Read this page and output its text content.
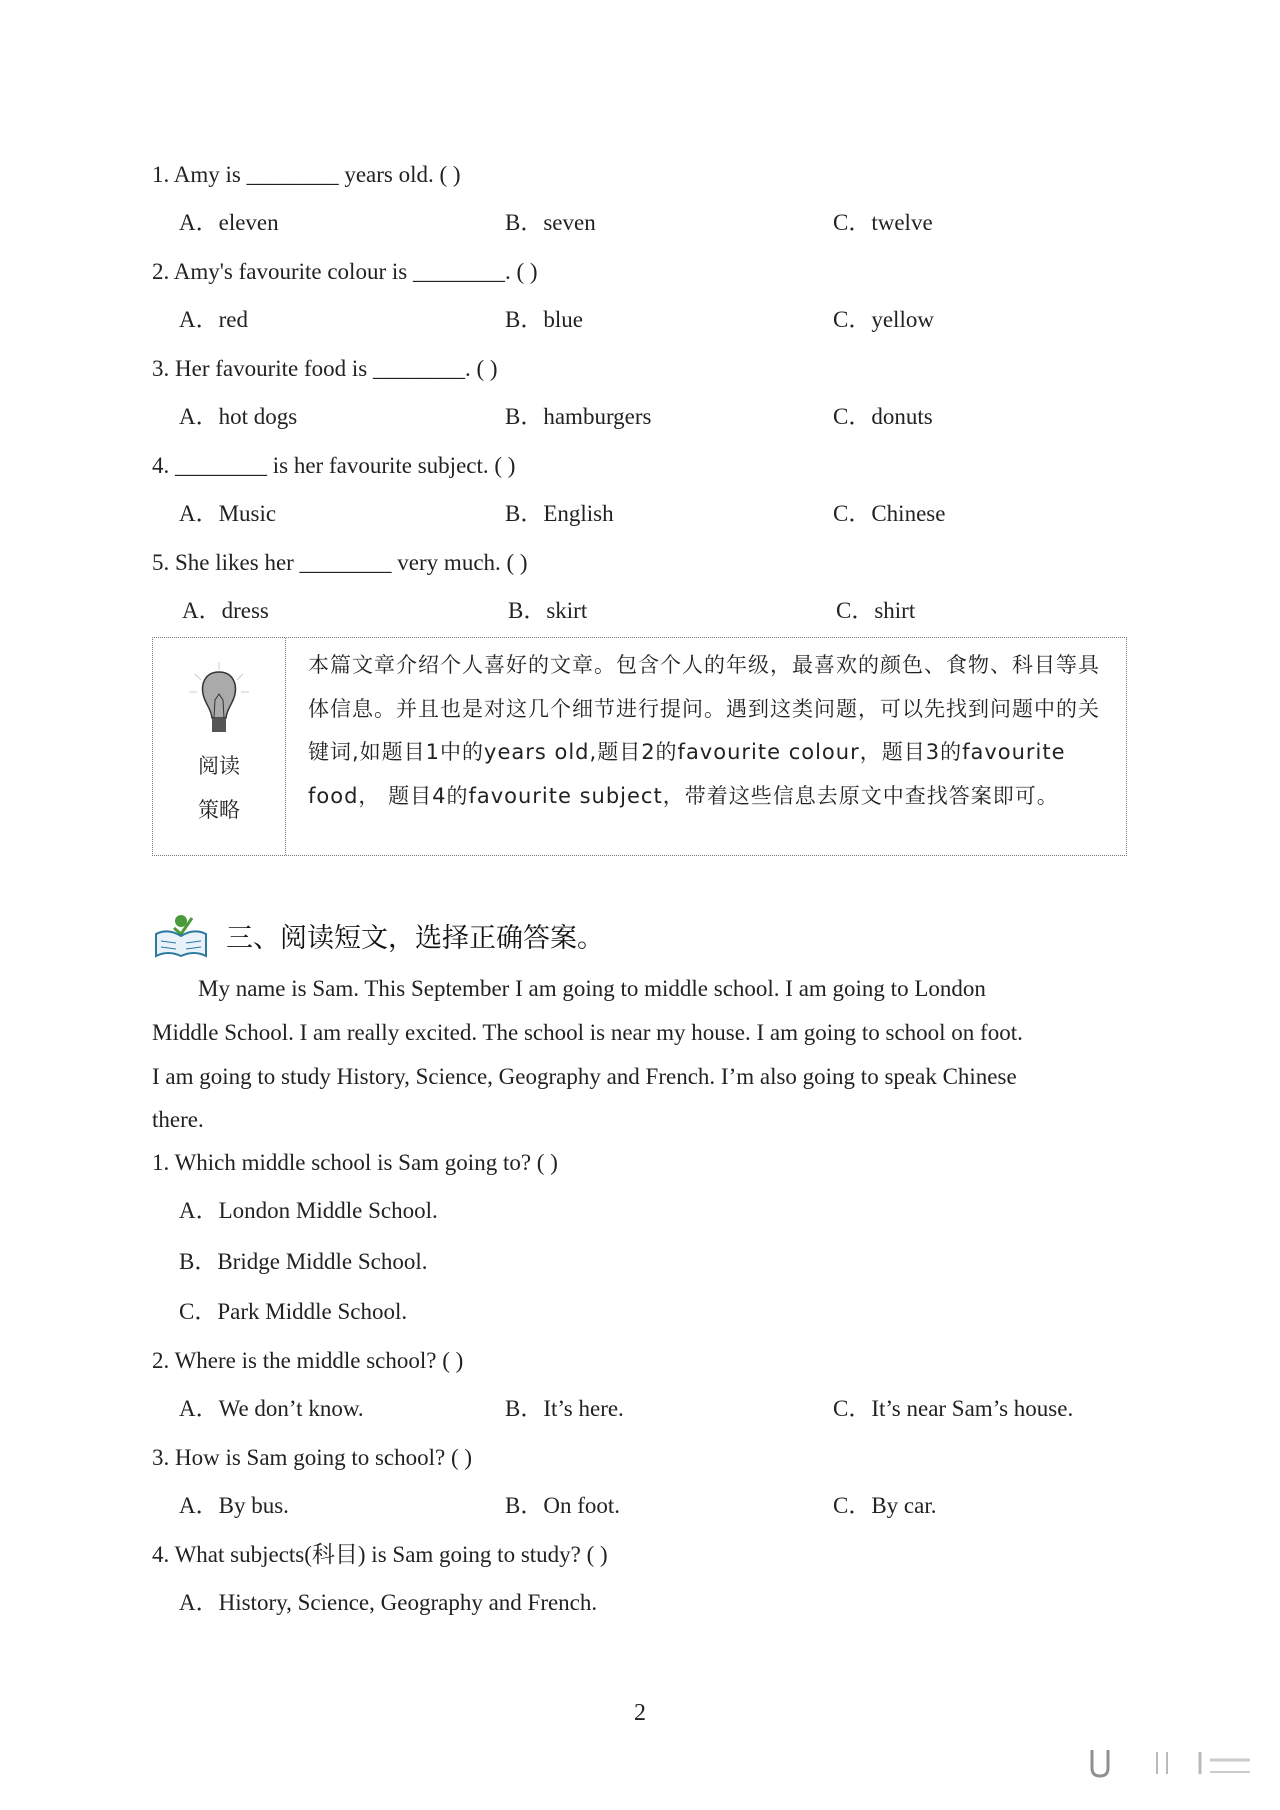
1. Amy is ________ years old. ( )
A．eleven	B．seven	C．twelve
2. Amy's favourite colour is ________. ( )
A．red	B．blue	C．yellow
3. Her favourite food is ________. ( )
A．hot dogs	B．hamburgers	C．donuts
4. ________ is her favourite subject. ( )
A．Music	B．English	C．Chinese
5. She likes her ________ very much. ( )
A．dress	B．skirt	C．shirt
阅读
策略
本篇文章介绍个人喜好的文章。包含个人的年级，最喜欢的颜色、食物、科目等具体信息。并且也是对这几个细节进行提问。遇到这类问题，可以先找到问题中的关键词,如题目1中的years old,题目2的favourite colour，题目3的favourite food， 题目4的favourite subject，带着这些信息去原文中查找答案即可。
三、阅读短文，选择正确答案。
My name is Sam. This September I am going to middle school. I am going to London
Middle School. I am really excited. The school is near my house. I am going to school on foot.
I am going to study History, Science, Geography and French. I’m also going to speak Chinese
there.
1. Which middle school is Sam going to? ( )
A．London Middle School.
B．Bridge Middle School.
C．Park Middle School.
2. Where is the middle school? ( )
A．We don’t know.	B．It’s here.	C．It’s near Sam’s house.
3. How is Sam going to school? ( )
A．By bus.	B．On foot.	C．By car.
4. What subjects(科目) is Sam going to study? ( )
A．History, Science, Geography and French.
2
